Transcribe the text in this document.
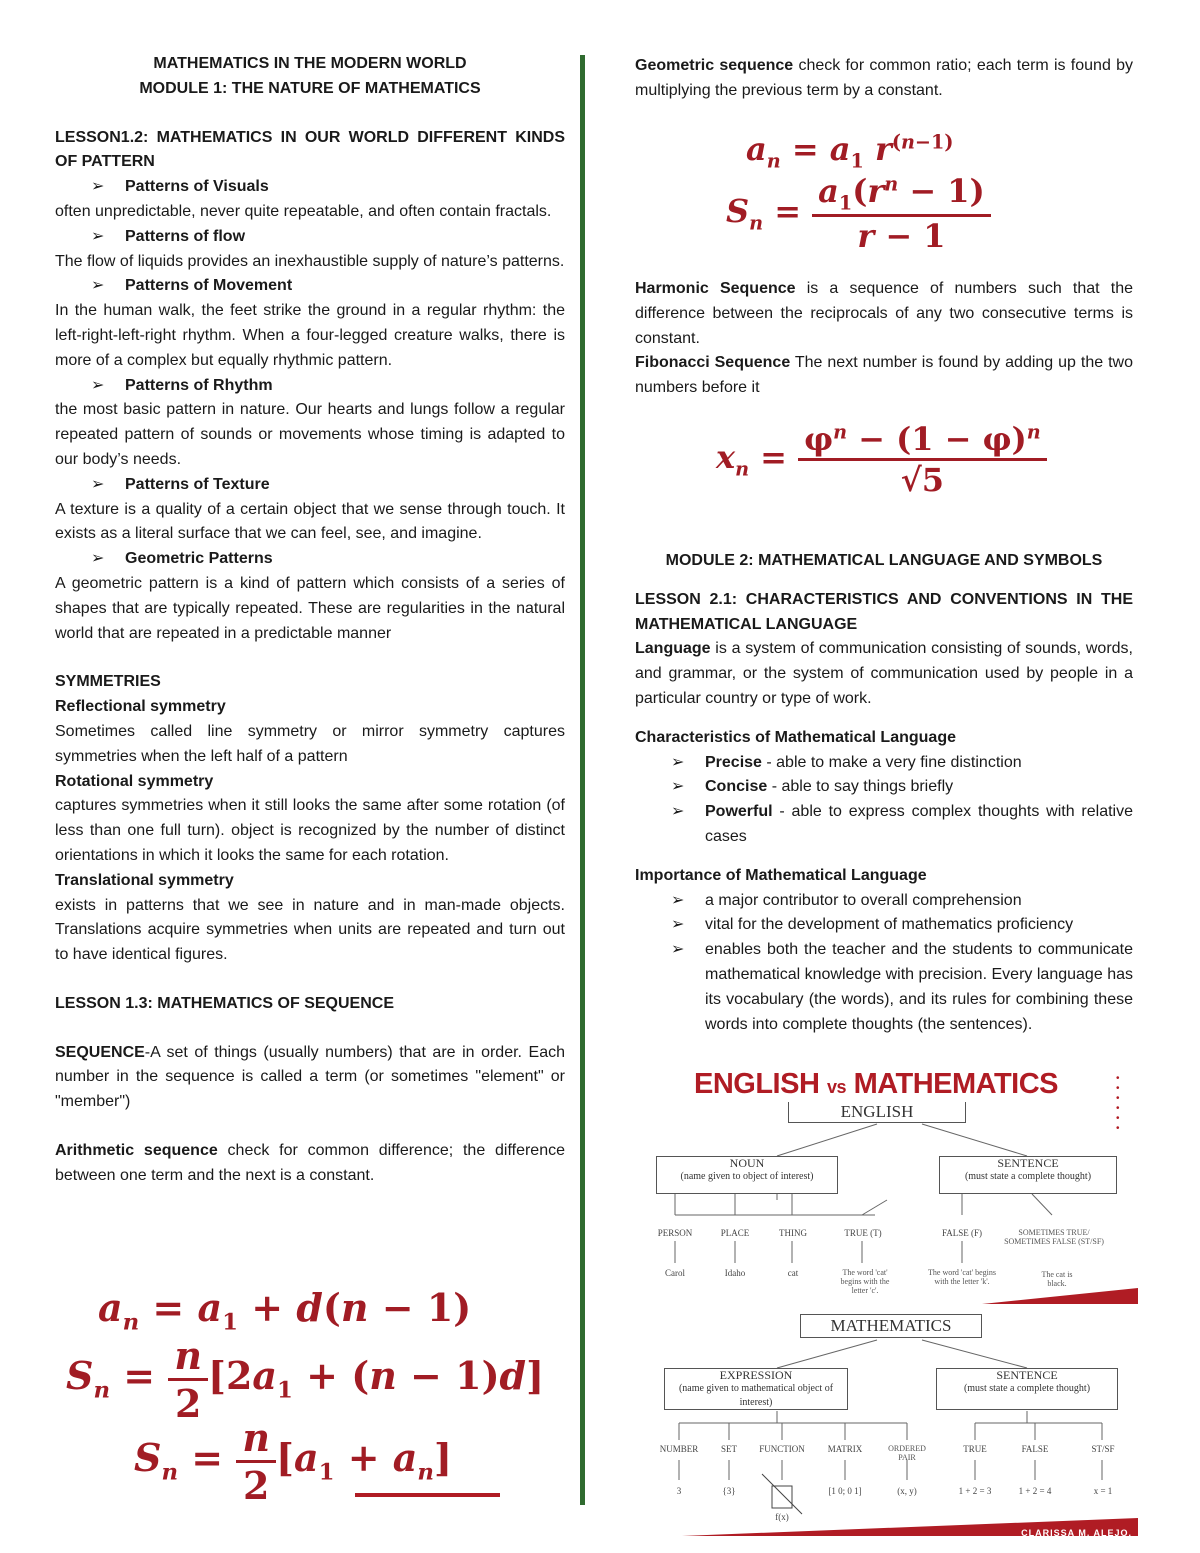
MATHEMATICS IN THE MODERN WORLD

MODULE 1: THE NATURE OF MATHEMATICS

LESSON1.2: MATHEMATICS IN OUR WORLD DIFFERENT KINDS OF PATTERN

➢ Patterns of Visuals

often unpredictable, never quite repeatable, and often contain fractals.

➢ Patterns of flow

The flow of liquids provides an inexhaustible supply of nature’s patterns.

➢ Patterns of Movement

In the human walk, the feet strike the ground in a regular rhythm: the left-right-left-right rhythm. When a four-legged creature walks, there is more of a complex but equally rhythmic pattern.

➢ Patterns of Rhythm

the most basic pattern in nature. Our hearts and lungs follow a regular repeated pattern of sounds or movements whose timing is adapted to our body’s needs.

➢ Patterns of Texture

A texture is a quality of a certain object that we sense through touch. It exists as a literal surface that we can feel, see, and imagine.

➢ Geometric Patterns

A geometric pattern is a kind of pattern which consists of a series of shapes that are typically repeated. These are regularities in the natural world that are repeated in a predictable manner

SYMMETRIES

Reflectional symmetry

Sometimes called line symmetry or mirror symmetry captures symmetries when the left half of a pattern

Rotational symmetry

captures symmetries when it still looks the same after some rotation (of less than one full turn). object is recognized by the number of distinct orientations in which it looks the same for each rotation.

Translational symmetry

exists in patterns that we see in nature and in man-made objects. Translations acquire symmetries when units are repeated and turn out to have identical figures.

LESSON 1.3: MATHEMATICS OF SEQUENCE

SEQUENCE-A set of things (usually numbers) that are in order. Each number in the sequence is called a term (or sometimes "element" or "member")

Arithmetic sequence check for common difference; the difference between one term and the next is a constant.

$a_n = a_1 + d(n - 1)$
$S_n = \frac{n}{2} [2a_1 + (n - 1)d]$
$S_n = \frac{n}{2} [a_1 + a_n]$

Geometric sequence check for common ratio; each term is found by multiplying the previous term by a constant.

$a_n = a_1$ $r^{(n-1)}$
$S_n = \frac{a_1(r^n - 1)}{r - 1}$

Harmonic Sequence is a sequence of numbers such that the difference between the reciprocals of any two consecutive terms is constant.

Fibonacci Sequence The next number is found by adding up the two numbers before it

$x_n = \frac{\varphi^n - (1 - \varphi)^n}{√5}$

MODULE 2: MATHEMATICAL LANGUAGE AND SYMBOLS

LESSON 2.1: CHARACTERISTICS AND CONVENTIONS IN THE MATHEMATICAL LANGUAGE

Language is a system of communication consisting of sounds, words, and grammar, or the system of communication used by people in a particular country or type of work.

Characteristics of Mathematical Language

➢ Precise - able to make a very fine distinction

➢ Concise - able to say things briefly

➢ Powerful - able to express complex thoughts with relative cases

Importance of Mathematical Language

➢ a major contributor to overall comprehension

➢ vital for the development of mathematics proficiency

➢ enables both the teacher and the students to communicate mathematical knowledge with precision. Every language has its vocabulary (the words), and its rules for combining these words into complete thoughts (the sentences).

ENGLISH vs MATHEMATICS	• •
• •
• •
ENGLISH
NOUN
(name given to object of interest)
SENTENCE
(must state a complete thought)
PERSON	PLACE	THING	TRUE (T)	FALSE (F)	SOMETIMES TRUE/ SOMETIMES FALSE (ST/SF)
Carol	Idaho	cat	The word 'cat' begins with the letter 'c'.
The word 'cat' begins with the letter 'k'.
The cat is black.
MATHEMATICS
EXPRESSION
(name given to mathematical object of interest)
SENTENCE
(must state a complete thought)
NUMBER	SET	FUNCTION	MATRIX	ORDERED PAIR
TRUE	FALSE	ST/SF
3	{3}
f(x)
[1 0; 0 1]	(x, y)	1 + 2 = 3	1 + 2 = 4	x = 1
CLARISSA M. ALEJO,
